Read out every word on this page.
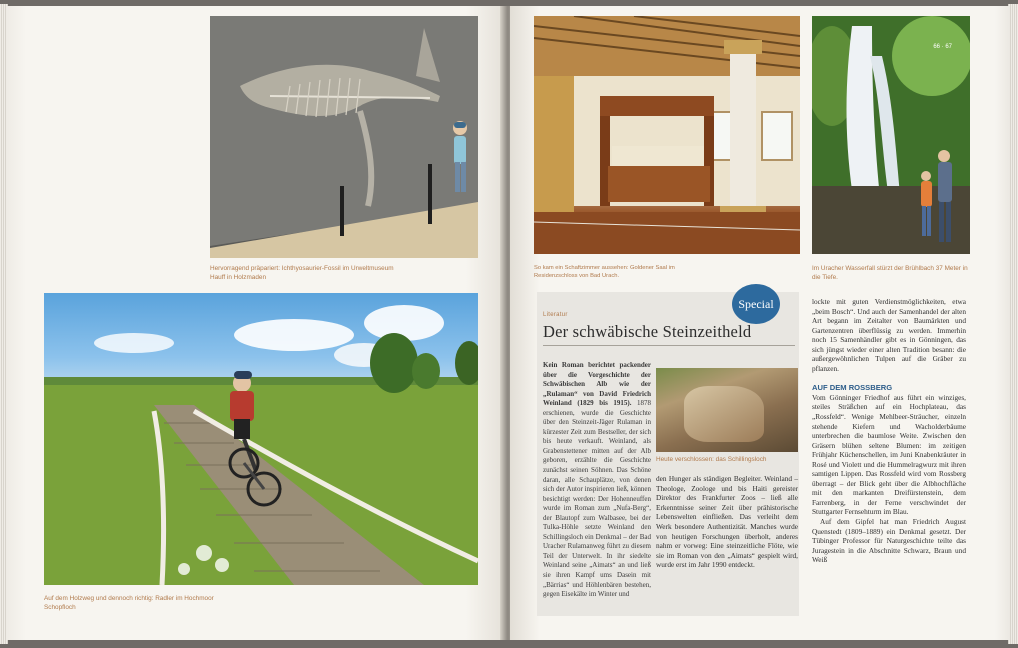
Hervorragend präpariert: Ichthyosaurier-Fossil im Urweltmuseum Hauff in Holzmaden
Auf dem Holzweg und dennoch richtig: Radler im Hochmoor Schopfloch
66 · 67
So kam ein Schaftzimmer aussehen: Goldener Saal im Residenzschloss von Bad Urach.
Im Uracher Wasserfall stürzt der Brühlbach 37 Meter in die Tiefe.
Literatur
Der schwäbische Steinzeitheld
Special
Kein Roman berichtet packender über die Vorgeschichte der Schwäbischen Alb wie der „Rulaman“ von David Friedrich Weinland (1829 bis 1915). 1878 erschienen, wurde die Geschichte über den Steinzeit-Jäger Rulaman in kürzester Zeit zum Bestseller, der sich bis heute verkauft. Weinland, als Grabenstettener mitten auf der Alb geboren, erzählte die Geschichte zunächst seinen Söhnen. Das Schöne daran, alle Schauplätze, von denen sich der Autor inspirieren ließ, können besichtigt werden: Der Hohenneuffen wurde im Roman zum „Nufa-Berg“, der Blautopf zum Walbasee, bei der Tulka-Höhle setzte Weinland den Schillingsloch ein Denkmal – der Bad Uracher Rulamanweg führt zu diesem Teil der Unterwelt. In ihr siedelte Weinland seine „Aimats“ an und ließ sie ihren Kampf ums Dasein mit „Bärrias“ und Höhlenbären bestehen, gegen Eisekälte im Winter und
Heute verschlossen: das Schillingsloch
den Hunger als ständigen Begleiter. Weinland – Theologe, Zoologe und bis Haiti gereister Direktor des Frankfurter Zoos – ließ alle Erkenntnisse seiner Zeit über prähistorische Lebenswelten einfließen. Das verleiht dem Werk besondere Authentizität. Manches wurde von heutigen Forschungen überholt, anderes nahm er vorweg: Eine steinzeitliche Flöte, wie sie im Roman von den „Aimats“ gespielt wird, wurde erst im Jahr 1990 entdeckt.
lockte mit guten Verdienstmöglichkeiten, etwa „beim Bosch“. Und auch der Samenhandel der alten Art begann im Zeitalter von Baumärkten und Gartenzentren überflüssig zu werden. Immerhin noch 15 Samenhändler gibt es in Gönningen, das sich jüngst wieder einer alten Tradition besann: die außergewöhnlichen Tulpen auf die Gräber zu pflanzen.
AUF DEM ROSSBERG
Vom Gönninger Friedhof aus führt ein winziges, steiles Sträßchen auf ein Hochplateau, das „Rossfeld“. Wenige Mehlbeer-Sträucher, einzeln stehende Kiefern und Wacholderbäume unterbrechen die baumlose Weite. Zwischen den Gräsern blühen seltene Blumen: im zeitigen Frühjahr Küchenschellen, im Juni Knabenkräuter in Rosé und Violett und die Hummelragwurz mit ihren samtigen Lippen. Das Rossfeld wird vom Rossberg überragt – der Blick geht über die Albhochfläche mit den markanten Dreifürstenstein, dem Farrenberg, in der Ferne verschwindet der Stuttgarter Fernsehturm im Blau.
Auf dem Gipfel hat man Friedrich August Quenstedt (1809–1889) ein Denkmal gesetzt. Der Tübinger Professor für Naturgeschichte teilte das Juragestein in die Abschnitte Schwarz, Braun und Weiß
